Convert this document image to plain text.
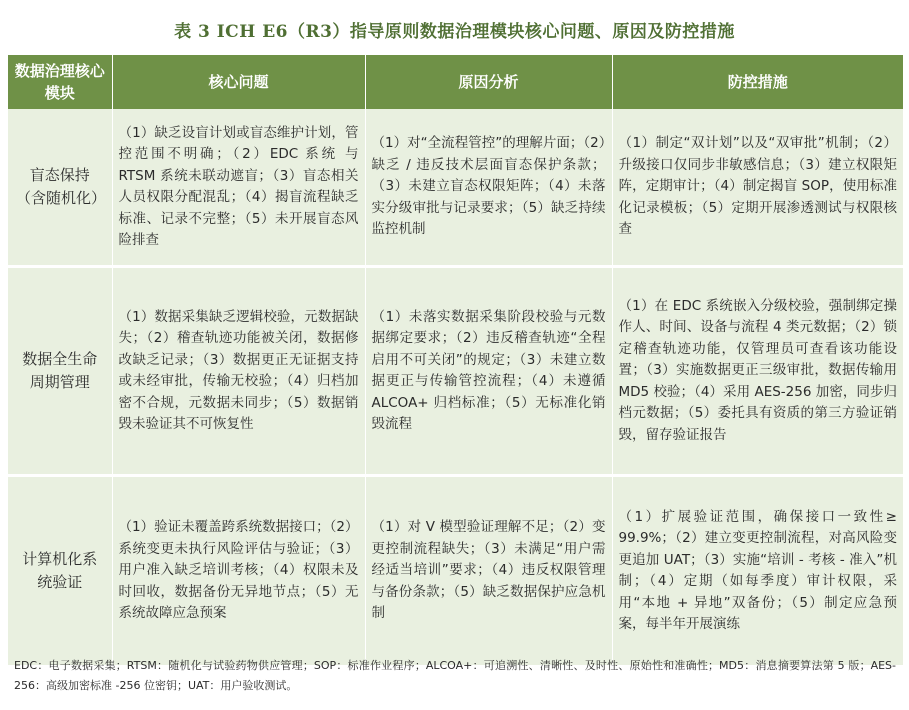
表 3 ICH E6（R3）指导原则数据治理模块核心问题、原因及防控措施
数据治理核心模块	核心问题	原因分析	防控措施
盲态保持（含随机化）	（1）缺乏设盲计划或盲态维护计划，管控范围不明确；（2）EDC 系统 与 RTSM 系统未联动遮盲；（3）盲态相关人员权限分配混乱；（4）揭盲流程缺乏标准、记录不完整；（5）未开展盲态风险排查	（1）对“全流程管控”的理解片面；（2）缺乏 / 违反技术层面盲态保护条款；（3）未建立盲态权限矩阵；（4）未落实分级审批与记录要求；（5）缺乏持续监控机制	（1）制定“双计划”以及“双审批”机制；（2）升级接口仅同步非敏感信息；（3）建立权限矩阵，定期审计；（4）制定揭盲 SOP，使用标准化记录模板；（5）定期开展渗透测试与权限核查
数据全生命周期管理	（1）数据采集缺乏逻辑校验，元数据缺失；（2）稽查轨迹功能被关闭，数据修改缺乏记录；（3）数据更正无证据支持或未经审批，传输无校验；（4）归档加密不合规，元数据未同步；（5）数据销毁未验证其不可恢复性	（1）未落实数据采集阶段校验与元数据绑定要求；（2）违反稽查轨迹“全程启用不可关闭”的规定；（3）未建立数据更正与传输管控流程；（4）未遵循 ALCOA+ 归档标准；（5）无标准化销毁流程	（1）在 EDC 系统嵌入分级校验，强制绑定操作人、时间、设备与流程 4 类元数据；（2）锁定稽查轨迹功能，仅管理员可查看该功能设置；（3）实施数据更正三级审批，数据传输用 MD5 校验；（4）采用 AES-256 加密，同步归档元数据；（5）委托具有资质的第三方验证销毁，留存验证报告
计算机化系统验证	（1）验证未覆盖跨系统数据接口；（2）系统变更未执行风险评估与验证；（3）用户准入缺乏培训考核；（4）权限未及时回收，数据备份无异地节点；（5）无系统故障应急预案	（1）对 V 模型验证理解不足；（2）变更控制流程缺失；（3）未满足“用户需经适当培训”要求；（4）违反权限管理与备份条款；（5）缺乏数据保护应急机制	（1）扩展验证范围，确保接口一致性≥ 99.9%；（2）建立变更控制流程，对高风险变更追加 UAT；（3）实施“培训 - 考核 - 准入”机制；（4）定期（如每季度）审计权限，采用“本地 + 异地”双备份；（5）制定应急预案，每半年开展演练
EDC：电子数据采集；RTSM：随机化与试验药物供应管理；SOP：标准作业程序；ALCOA+：可追溯性、清晰性、及时性、原始性和准确性；MD5：消息摘要算法第 5 版；AES-256：高级加密标准 -256 位密钥；UAT：用户验收测试。
